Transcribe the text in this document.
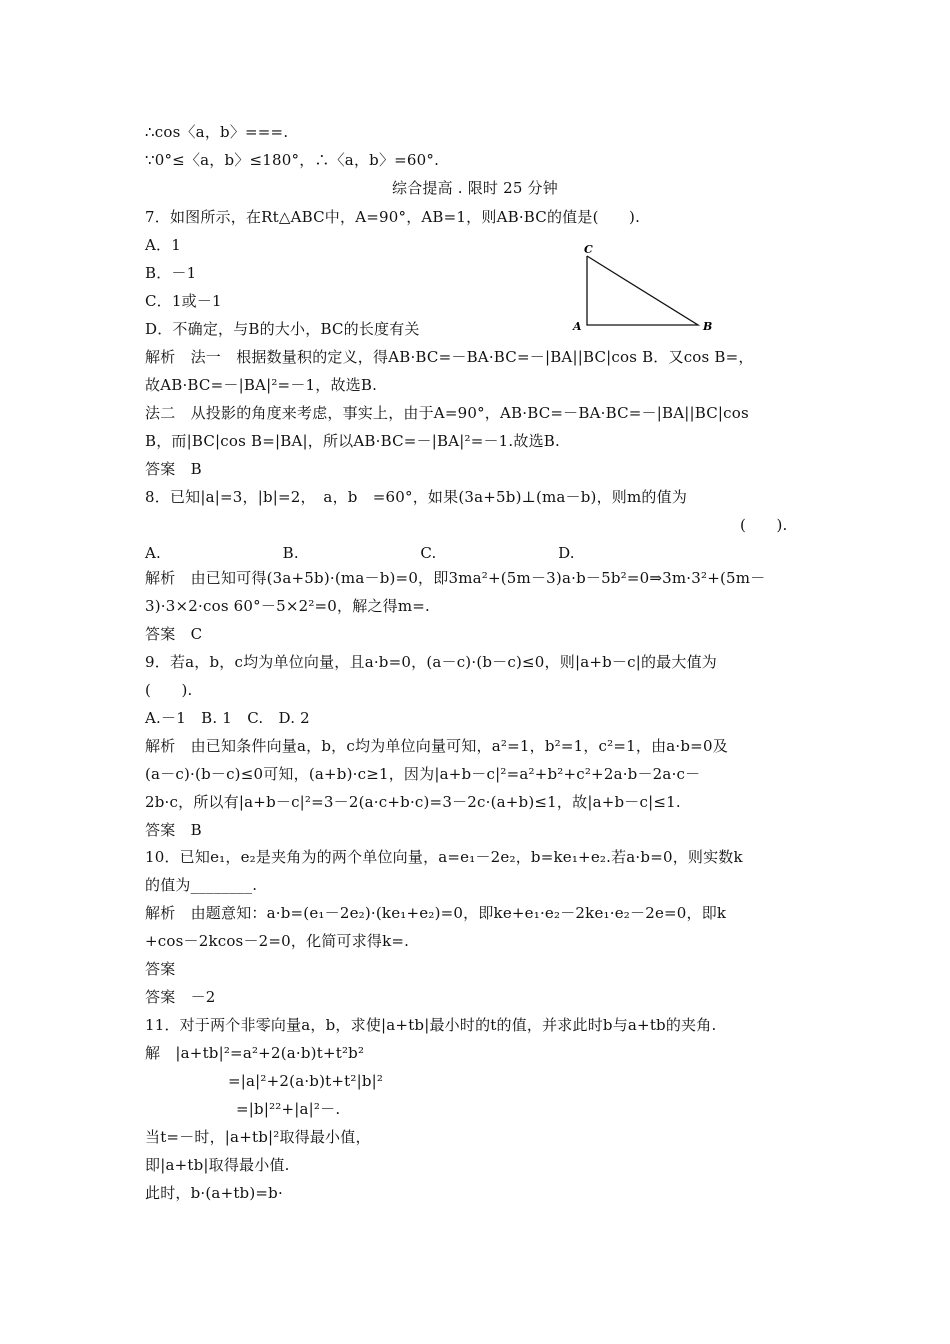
∴cos〈a，b〉===.
∵0°≤〈a，b〉≤180°，∴〈a，b〉=60°.
综合提高 . 限时 25 分钟
7．如图所示，在Rt△ABC中，A=90°，AB=1，则AB·BC的值是(　　).
A．1
B．－1
C．1或－1
D．不确定，与B的大小，BC的长度有关
C
A	B
解析　法一　根据数量积的定义，得AB·BC=－BA·BC=－|BA||BC|cos B．又cos B=，
故AB·BC=－|BA|²=－1，故选B.
法二　从投影的角度来考虑，事实上，由于A=90°，AB·BC=－BA·BC=－|BA||BC|cos
B，而|BC|cos B=|BA|，所以AB·BC=－|BA|²=－1.故选B.
答案　B
8．已知|a|=3，|b|=2，　a，b　=60°，如果(3a+5b)⊥(ma－b)，则m的值为
(　　).
A.　　　　　　　　B.　　　　　　　　C.　　　　　　　　D.
解析　由已知可得(3a+5b)·(ma－b)=0，即3ma²+(5m－3)a·b－5b²=0⇒3m·3²+(5m－
3)·3×2·cos 60°－5×2²=0，解之得m=.
答案　C
9．若a，b，c均为单位向量，且a·b=0，(a－c)·(b－c)≤0，则|a+b－c|的最大值为
(　　).
A.－1　B. 1　C.　D. 2
解析　由已知条件向量a，b，c均为单位向量可知，a²=1，b²=1，c²=1，由a·b=0及
(a－c)·(b－c)≤0可知，(a+b)·c≥1，因为|a+b－c|²=a²+b²+c²+2a·b－2a·c－
2b·c，所以有|a+b－c|²=3－2(a·c+b·c)=3－2c·(a+b)≤1，故|a+b－c|≤1.
答案　B
10．已知e₁，e₂是夹角为的两个单位向量，a=e₁－2e₂，b=ke₁+e₂.若a·b=0，则实数k
的值为________.
解析　由题意知：a·b=(e₁－2e₂)·(ke₁+e₂)=0，即ke+e₁·e₂－2ke₁·e₂－2e=0，即k
+cos－2kcos－2=0，化简可求得k=.
答案
答案　－2
11．对于两个非零向量a，b，求使|a+tb|最小时的t的值，并求此时b与a+tb的夹角.
解　|a+tb|²=a²+2(a·b)t+t²b²
=|a|²+2(a·b)t+t²|b|²
=|b|²²+|a|²－.
当t=－时，|a+tb|²取得最小值，
即|a+tb|取得最小值.
此时，b·(a+tb)=b·
